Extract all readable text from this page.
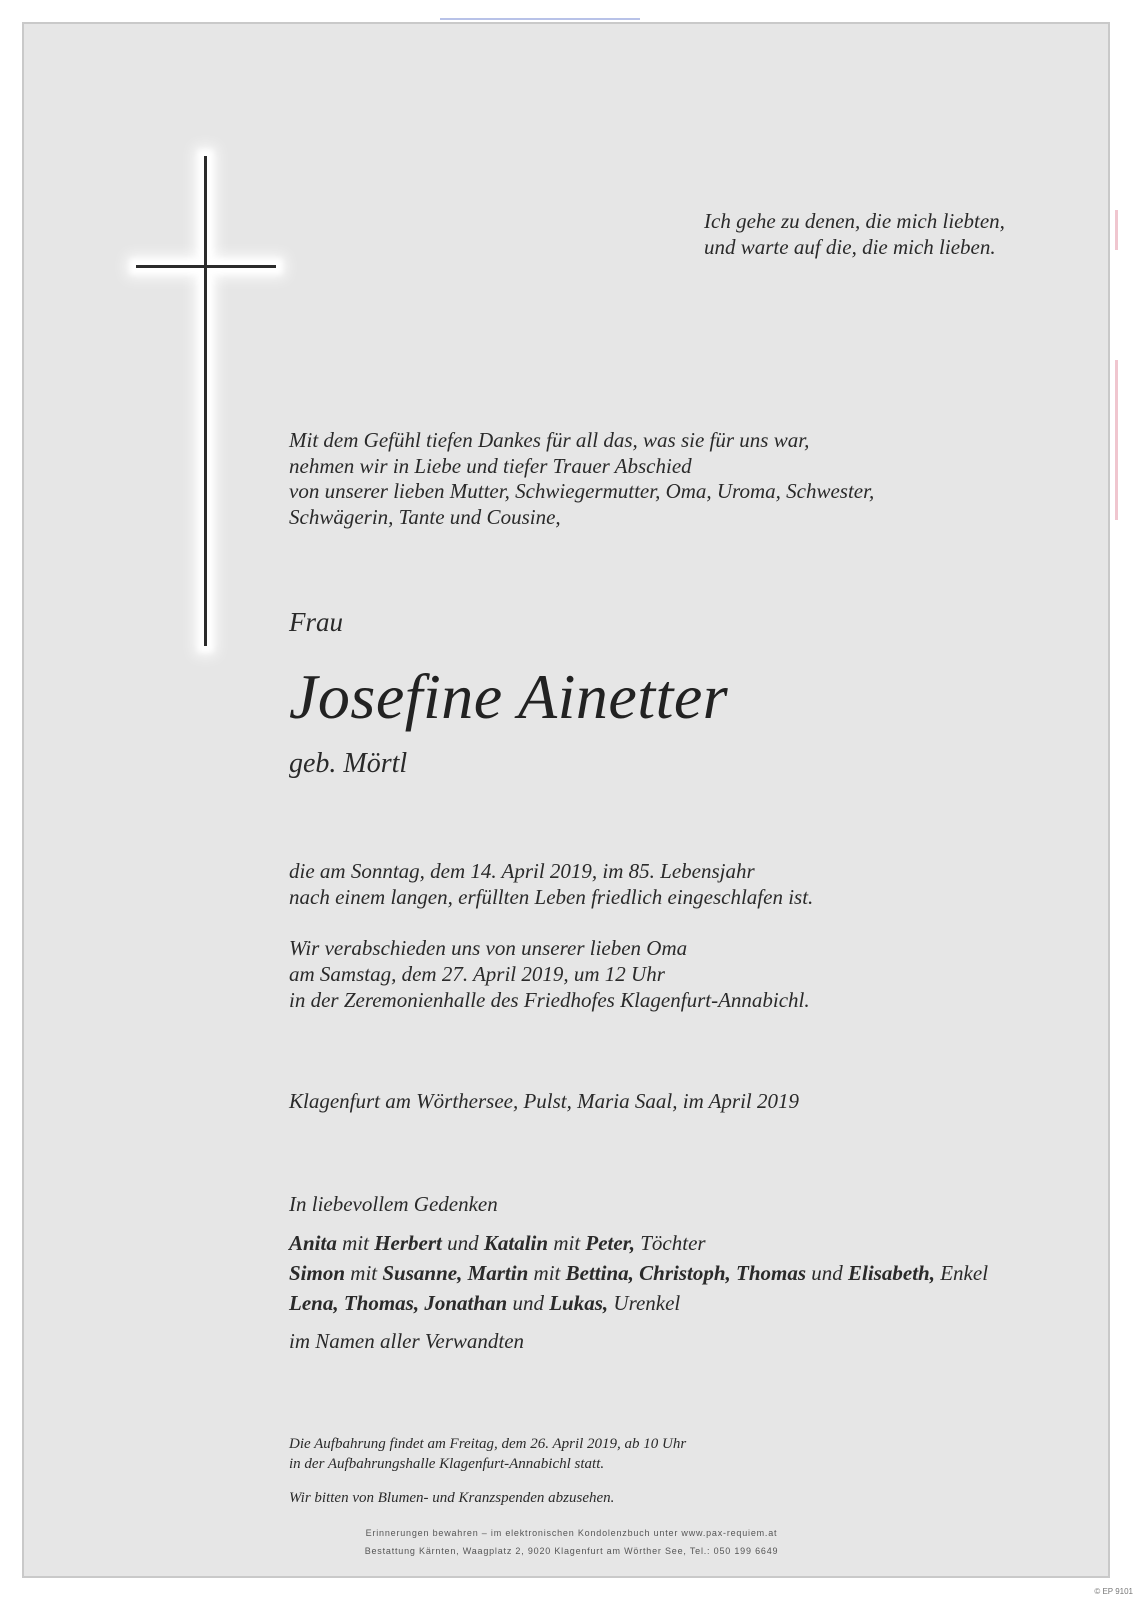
Ich gehe zu denen, die mich liebten,
und warte auf die, die mich lieben.
Mit dem Gefühl tiefen Dankes für all das, was sie für uns war,
nehmen wir in Liebe und tiefer Trauer Abschied
von unserer lieben Mutter, Schwiegermutter, Oma, Uroma, Schwester,
Schwägerin, Tante und Cousine,
Frau
Josefine Ainetter
geb. Mörtl
die am Sonntag, dem 14. April 2019, im 85. Lebensjahr
nach einem langen, erfüllten Leben friedlich eingeschlafen ist.
Wir verabschieden uns von unserer lieben Oma
am Samstag, dem 27. April 2019, um 12 Uhr
in der Zeremonienhalle des Friedhofes Klagenfurt-Annabichl.
Klagenfurt am Wörthersee, Pulst, Maria Saal, im April 2019
In liebevollem Gedenken
Anita mit Herbert und Katalin mit Peter, Töchter
Simon mit Susanne, Martin mit Bettina, Christoph, Thomas und Elisabeth, Enkel
Lena, Thomas, Jonathan und Lukas, Urenkel
im Namen aller Verwandten
Die Aufbahrung findet am Freitag, dem 26. April 2019, ab 10 Uhr
in der Aufbahrungshalle Klagenfurt-Annabichl statt.
Wir bitten von Blumen- und Kranzspenden abzusehen.
Erinnerungen bewahren – im elektronischen Kondolenzbuch unter www.pax-requiem.at
Bestattung Kärnten, Waagplatz 2, 9020 Klagenfurt am Wörther See, Tel.: 050 199 6649
© EP 9101
